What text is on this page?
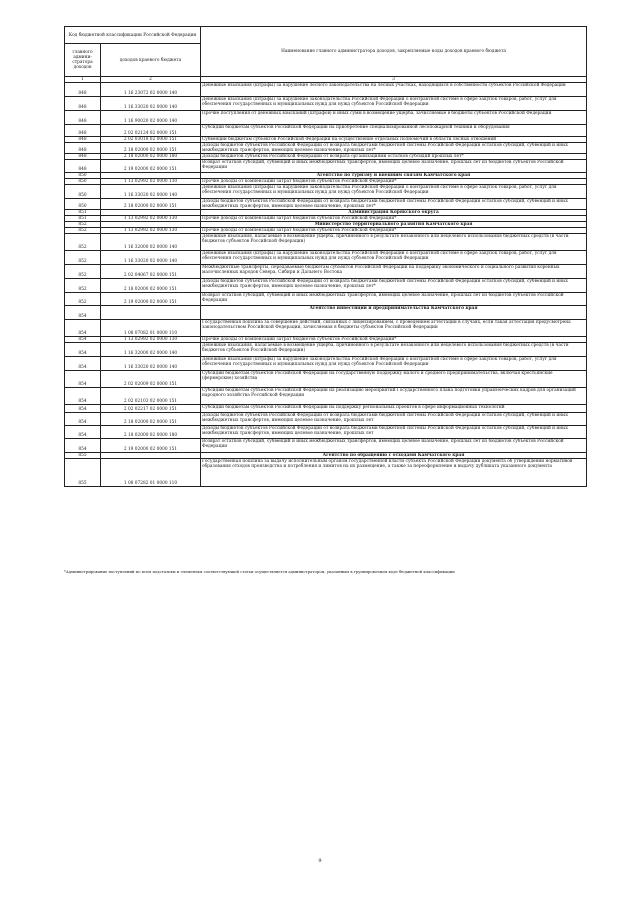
Код бюджетной классификации Российской Федерации		Наименование главного администратора доходов, закрепляемые коды доходов краевого бюджета
главного админи-стратора доходов	доходов краевого бюджета	
1	2	3
848	1 16 23072 02 0000 140	Денежные взыскания (штрафы) за нарушение лесного законодательства на лесных участках, находящихся в собственности субъектов Российской Федерации
848	1 16 33020 02 0000 140	Денежные взыскания (штрафы) за нарушение законодательства Российской Федерации о контрактной системе в сфере закупок товаров, работ, услуг для обеспечения государственных и муниципальных нужд для нужд субъектов Российской Федерации
848	1 16 90020 02 0000 140	Прочие поступления от денежных взысканий (штрафов) и иных сумм в возмещение ущерба, зачисляемые в бюджеты субъектов Российской Федерации
848	2 02 02124 02 0000 151	Субсидии бюджетам субъектов Российской Федерации на приобретение специализированной лесопожарной техники и оборудования
848	2 02 03018 02 0000 151	Субвенции бюджетам субъектов Российской Федерации на осуществление отдельных полномочий в области лесных отношений
848	2 18 02000 02 0000 151	Доходы бюджетов субъектов Российской Федерации от возврата бюджетами бюджетной системы Российской Федерации остатков субсидий, субвенций и иных межбюджетных трансфертов, имеющих целевое назначение, прошлых лет*
848	2 18 02000 02 0000 180	Доходы бюджетов субъектов Российской Федерации от возврата организациями остатков субсидий прошлых лет*
848	2 19 02000 02 0000 151	Возврат остатков субсидий, субвенций и иных межбюджетных трансфертов, имеющих целевое назначение, прошлых лет из бюджетов субъектов Российской Федерации
850		Агентство по туризму и внешним связям Камчатского края
850	1 13 02992 02 0000 130	Прочие доходы от компенсации затрат бюджетов субъектов Российской Федерации*
850	1 16 33020 02 0000 140	Денежные взыскания (штрафы) за нарушение законодательства Российской Федерации о контрактной системе в сфере закупок товаров, работ, услуг для обеспечения государственных и муниципальных нужд для нужд субъектов Российской Федерации
850	2 18 02000 02 0000 151	Доходы бюджетов субъектов Российской Федерации от возврата бюджетами бюджетной системы Российской Федерации остатков субсидий, субвенций и иных межбюджетных трансфертов, имеющих целевое назначение, прошлых лет*
851		Администрация Корякского округа
851	1 13 02992 02 0000 130	Прочие доходы от компенсации затрат бюджетов субъектов Российской Федерации*
852		Министерство территориального развития Камчатского края
852	1 13 02992 02 0000 130	Прочие доходы от компенсации затрат бюджетов субъектов Российской Федерации*
852	1 16 32000 02 0000 140	Денежные взыскания, налагаемые в возмещение ущерба, причиненного в результате незаконного или нецелевого использования бюджетных средств (в части бюджетов субъектов Российской Федерации)
852	1 16 33020 02 0000 140	Денежные взыскания (штрафы) за нарушение законодательства Российской Федерации о контрактной системе в сфере закупок товаров, работ, услуг для обеспечения государственных и муниципальных нужд для нужд субъектов Российской Федерации
852	2 02 04067 02 0000 151	Межбюджетные трансферты, передаваемые бюджетам субъектов Российской Федерации на поддержку экономического и социального развития коренных малочисленных народов Севера, Сибири и Дальнего Востока
852	2 18 02000 02 0000 151	Доходы бюджетов субъектов Российской Федерации от возврата бюджетами бюджетной системы Российской Федерации остатков субсидий, субвенций и иных межбюджетных трансфертов, имеющих целевое назначение, прошлых лет*
852	2 19 02000 02 0000 151	Возврат остатков субсидий, субвенций и иных межбюджетных трансфертов, имеющих целевое назначение, прошлых лет из бюджетов субъектов Российской Федерации
854		Агентство инвестиций и предпринимательства Камчатского края
854	1 08 07082 01 0000 110	Государственная пошлина за совершение действий, связанных с лицензированием, с проведением аттестации в случаях, если такая аттестация предусмотрена законодательством Российской Федерации, зачисляемая в бюджеты субъектов Российской Федерации
854	1 13 02992 02 0000 130	Прочие доходы от компенсации затрат бюджетов субъектов Российской Федерации*
854	1 16 32000 02 0000 140	Денежные взыскания, налагаемые в возмещение ущерба, причиненного в результате незаконного или нецелевого использования бюджетных средств (в части бюджетов субъектов Российской Федерации)
854	1 16 33020 02 0000 140	Денежные взыскания (штрафы) за нарушение законодательства Российской Федерации о контрактной системе в сфере закупок товаров, работ, услуг для обеспечения государственных и муниципальных нужд для нужд субъектов Российской Федерации
854	2 02 02009 02 0000 151	Субсидии бюджетам субъектов Российской Федерации на государственную поддержку малого и среднего предпринимательства, включая крестьянские (фермерские) хозяйства
854	2 02 02103 02 0000 151	Субсидии бюджетам субъектов Российской Федерации на реализацию мероприятий Государственного плана подготовки управленческих кадров для организаций народного хозяйства Российской Федерации
854	2 02 02217 02 0000 151	Субсидии бюджетам субъектов Российской Федерации на поддержку региональных проектов в сфере информационных технологий
854	2 18 02000 02 0000 151	Доходы бюджетов субъектов Российской Федерации от возврата бюджетами бюджетной системы Российской Федерации остатков субсидий, субвенций и иных межбюджетных трансфертов, имеющих целевое назначение, прошлых лет
854	2 18 02000 02 0000 180	Доходы бюджетов субъектов Российской Федерации от возврата бюджетами бюджетной системы Российской Федерации остатков субсидий, субвенций и иных межбюджетных трансфертов, имеющих целевое назначение, прошлых лет
854	2 19 02000 02 0000 151	Возврат остатков субсидий, субвенций и иных межбюджетных трансфертов, имеющих целевое назначение, прошлых лет из бюджетов субъектов Российской Федерации
855		Агентство по обращению с отходами Камчатского края
855	1 08 07282 01 0000 110	Государственная пошлина за выдачу исполнительным органом государственной власти субъекта Российской Федерации документа об утверждении нормативов образования отходов производства и потребления и лимитов на их размещение, а также за переоформление и выдачу дубликата указанного документа
*Администрирование поступлений по всем подстатьям и элементам соответствующей статьи осуществляется администратором, указанным в группировочном коде бюджетной классификации
9
